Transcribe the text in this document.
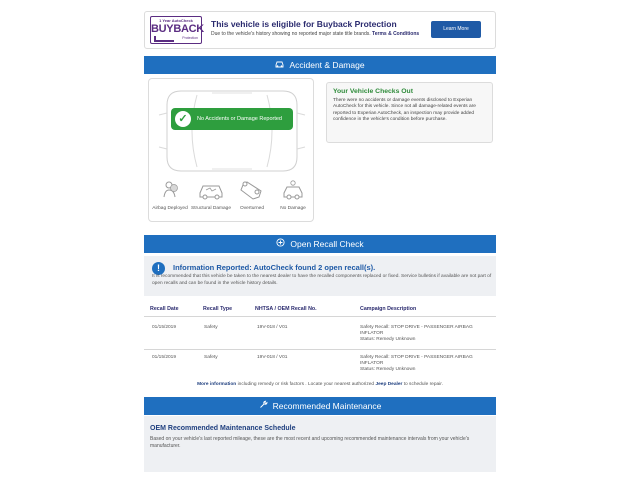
1 Year AutoCheck
BUYBACK
Protection
This vehicle is eligible for Buyback Protection
Due to the vehicle's history showing no reported major state title brands. Terms & Conditions
Learn More
Accident & Damage
✓	No Accidents or Damage Reported
Airbag Deployed Structural Damage	Overturned	No Damage
Your Vehicle Checks Out
There were no accidents or damage events disclosed to Experian AutoCheck for this vehicle. Since not all damage-related events are reported to Experian AutoCheck, an inspection may provide added confidence in the vehicle's condition before purchase.
Open Recall Check
!	Information Reported: AutoCheck found 2 open recall(s).
It is recommended that this vehicle be taken to the nearest dealer to have the recalled components replaced or fixed. Service bulletins if available are not part of open recalls and can be found in the vehicle history details.
Recall Date	Recall Type	NHTSA / OEM Recall No.	Campaign Description
01/15/2019	Safety	19V-018 / V01	Safety Recall: STOP DRIVE - PASSENGER AIRBAG
INFLATOR
Status: Remedy Unknown
01/15/2019	Safety	19V-018 / V01	Safety Recall: STOP DRIVE - PASSENGER AIRBAG
INFLATOR
Status: Remedy Unknown
More information including remedy or risk factors . Locate your nearest authorized Jeep Dealer to schedule repair.
Recommended Maintenance
OEM Recommended Maintenance Schedule
Based on your vehicle's last reported mileage, these are the most recent and upcoming recommended maintenance intervals from your vehicle's manufacturer.
